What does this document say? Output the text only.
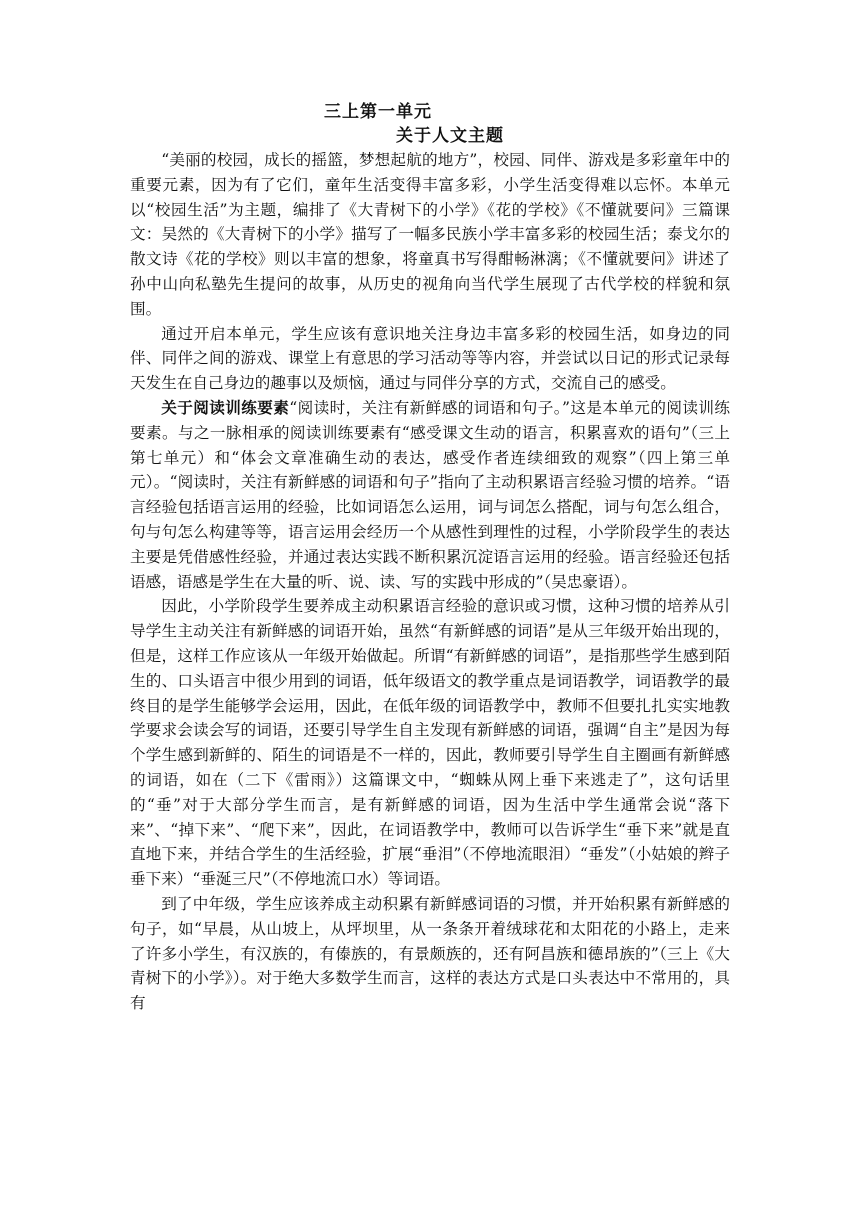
三上第一单元
关于人文主题

“美丽的校园，成长的摇篮，梦想起航的地方”，校园、同伴、游戏是多彩童年中的重要元素，因为有了它们，童年生活变得丰富多彩，小学生活变得难以忘怀。本单元以“校园生活”为主题，编排了《大青树下的小学》《花的学校》《不懂就要问》三篇课文：吴然的《大青树下的小学》描写了一幅多民族小学丰富多彩的校园生活；泰戈尔的散文诗《花的学校》则以丰富的想象，将童真书写得酣畅淋漓；《不懂就要问》讲述了孙中山向私塾先生提问的故事，从历史的视角向当代学生展现了古代学校的样貌和氛围。

通过开启本单元，学生应该有意识地关注身边丰富多彩的校园生活，如身边的同伴、同伴之间的游戏、课堂上有意思的学习活动等等内容，并尝试以日记的形式记录每天发生在自己身边的趣事以及烦恼，通过与同伴分享的方式，交流自己的感受。

关于阅读训练要素“阅读时，关注有新鲜感的词语和句子。”这是本单元的阅读训练要素。与之一脉相承的阅读训练要素有“感受课文生动的语言，积累喜欢的语句”（三上第七单元）和“体会文章准确生动的表达，感受作者连续细致的观察”（四上第三单元）。“阅读时，关注有新鲜感的词语和句子”指向了主动积累语言经验习惯的培养。“语言经验包括语言运用的经验，比如词语怎么运用，词与词怎么搭配，词与句怎么组合，句与句怎么构建等等，语言运用会经历一个从感性到理性的过程，小学阶段学生的表达主要是凭借感性经验，并通过表达实践不断积累沉淀语言运用的经验。语言经验还包括语感，语感是学生在大量的听、说、读、写的实践中形成的”（吴忠豪语）。

因此，小学阶段学生要养成主动积累语言经验的意识或习惯，这种习惯的培养从引导学生主动关注有新鲜感的词语开始，虽然“有新鲜感的词语”是从三年级开始出现的，但是，这样工作应该从一年级开始做起。所谓“有新鲜感的词语”，是指那些学生感到陌生的、口头语言中很少用到的词语，低年级语文的教学重点是词语教学，词语教学的最终目的是学生能够学会运用，因此，在低年级的词语教学中，教师不但要扎扎实实地教学要求会读会写的词语，还要引导学生自主发现有新鲜感的词语，强调“自主”是因为每个学生感到新鲜的、陌生的词语是不一样的，因此，教师要引导学生自主圈画有新鲜感的词语，如在（二下《雷雨》）这篇课文中，“蜘蛛从网上垂下来逃走了”，这句话里的“垂”对于大部分学生而言，是有新鲜感的词语，因为生活中学生通常会说“落下来”、“掉下来”、“爬下来”，因此，在词语教学中，教师可以告诉学生“垂下来”就是直直地下来，并结合学生的生活经验，扩展“垂泪”（不停地流眼泪）“垂发”（小姑娘的辫子垂下来）“垂涎三尺”（不停地流口水）等词语。

到了中年级，学生应该养成主动积累有新鲜感词语的习惯，并开始积累有新鲜感的句子，如“早晨，从山坡上，从坪坝里，从一条条开着绒球花和太阳花的小路上，走来了许多小学生，有汉族的，有傣族的，有景颇族的，还有阿昌族和德昂族的”（三上《大青树下的小学》）。对于绝大多数学生而言，这样的表达方式是口头表达中不常用的，具有
